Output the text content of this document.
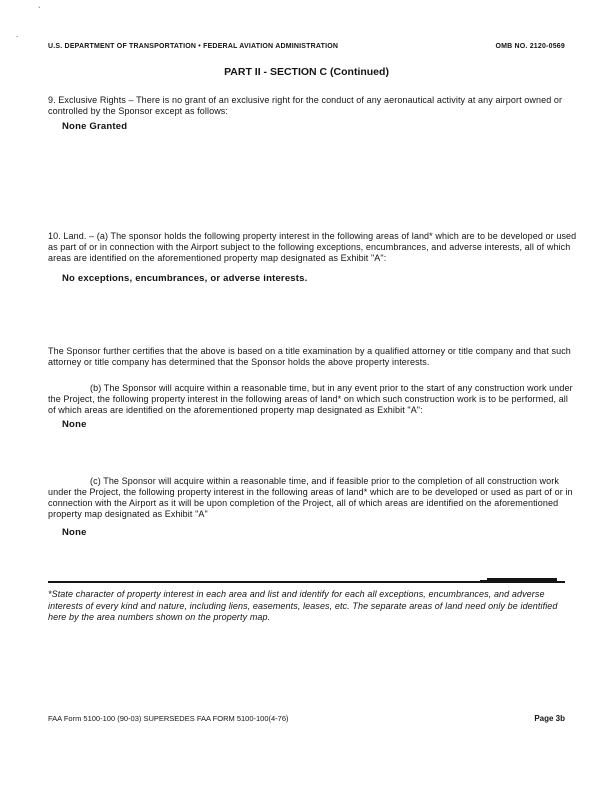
`
.
U.S. DEPARTMENT OF TRANSPORTATION • FEDERAL AVIATION ADMINISTRATION	OMB NO. 2120-0569
PART II - SECTION C (Continued)
9. Exclusive Rights – There is no grant of an exclusive right for the conduct of any aeronautical activity at any airport owned or controlled by the Sponsor except as follows:
None Granted
10. Land. – (a) The sponsor holds the following property interest in the following areas of land* which are to be developed or used as part of or in connection with the Airport subject to the following exceptions, encumbrances, and adverse interests, all of which areas are identified on the aforementioned property map designated as Exhibit "A":
No exceptions, encumbrances, or adverse interests.
The Sponsor further certifies that the above is based on a title examination by a qualified attorney or title company and that such attorney or title company has determined that the Sponsor holds the above property interests.
(b) The Sponsor will acquire within a reasonable time, but in any event prior to the start of any construction work under the Project, the following property interest in the following areas of land* on which such construction work is to be performed, all of which areas are identified on the aforementioned property map designated as Exhibit "A":
None
(c) The Sponsor will acquire within a reasonable time, and if feasible prior to the completion of all construction work under the Project, the following property interest in the following areas of land* which are to be developed or used as part of or in connection with the Airport as it will be upon completion of the Project, all of which areas are identified on the aforementioned property map designated as Exhibit "A"
None
*State character of property interest in each area and list and identify for each all exceptions, encumbrances, and adverse interests of every kind and nature, including liens, easements, leases, etc. The separate areas of land need only be identified here by the area numbers shown on the property map.
FAA Form 5100-100 (90-03) SUPERSEDES FAA FORM 5100-100(4-76)	Page 3b
